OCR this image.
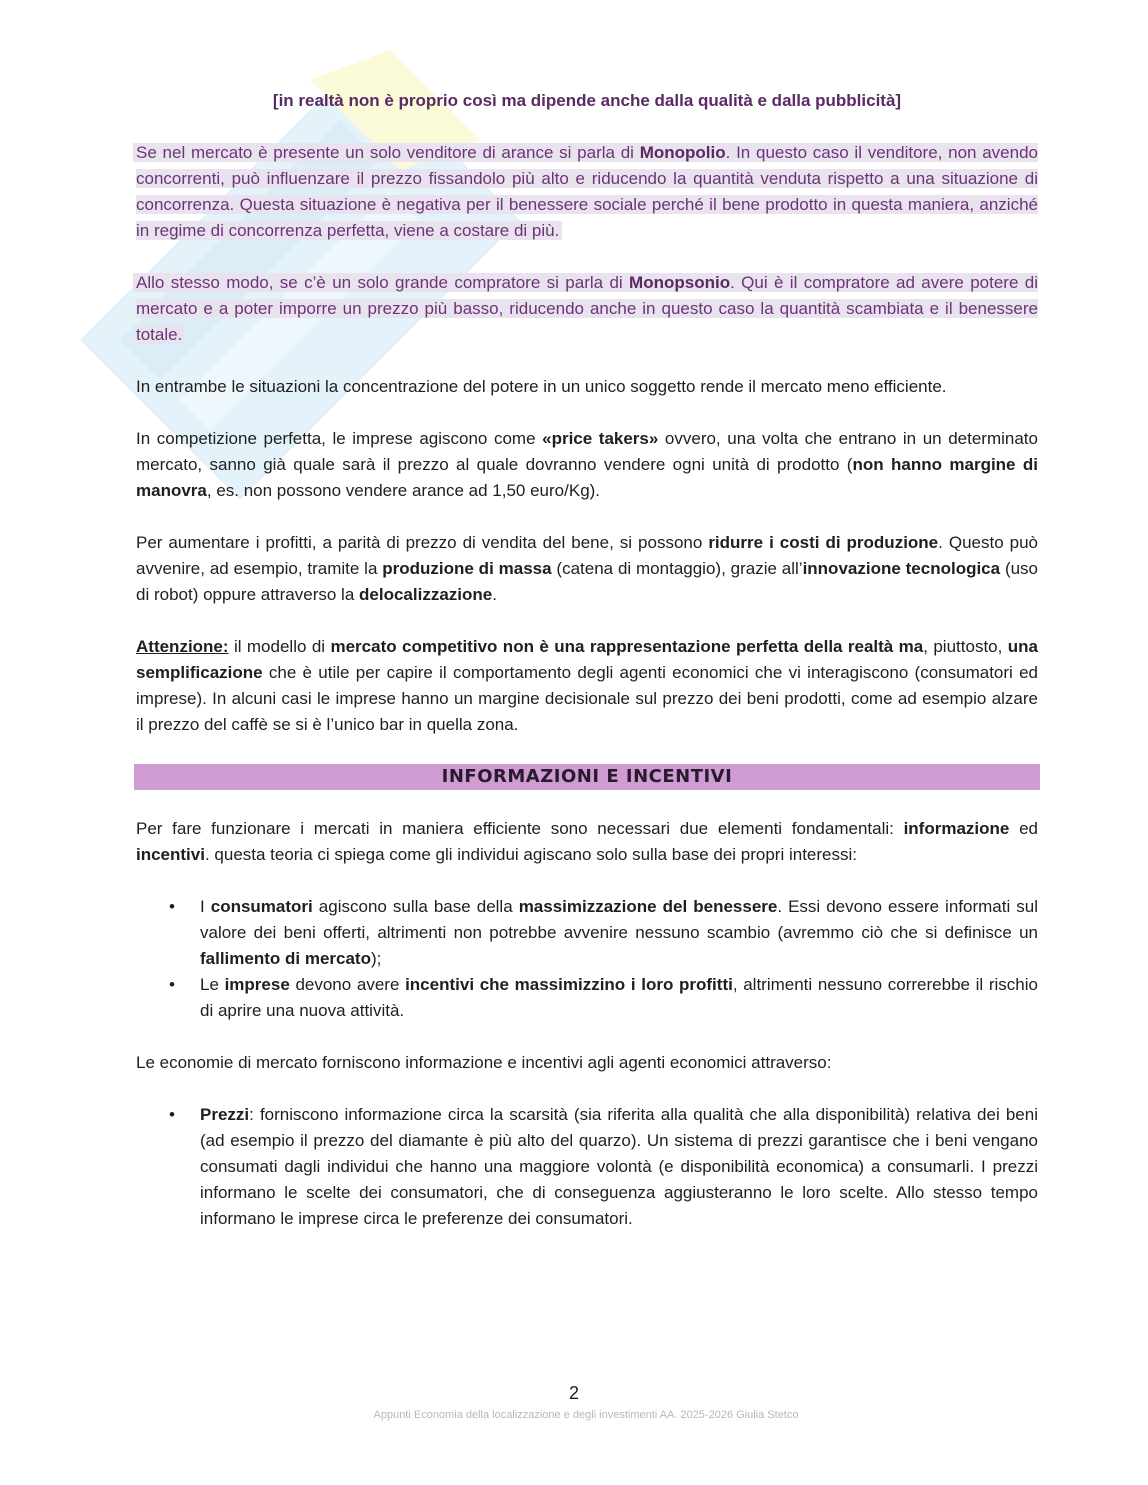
[in realtà non è proprio così ma dipende anche dalla qualità e dalla pubblicità]

Se nel mercato è presente un solo venditore di arance si parla di Monopolio. In questo caso il venditore, non avendo concorrenti, può influenzare il prezzo fissandolo più alto e riducendo la quantità venduta rispetto a una situazione di concorrenza. Questa situazione è negativa per il benessere sociale perché il bene prodotto in questa maniera, anziché in regime di concorrenza perfetta, viene a costare di più.

Allo stesso modo, se c’è un solo grande compratore si parla di Monopsonio. Qui è il compratore ad avere potere di mercato e a poter imporre un prezzo più basso, riducendo anche in questo caso la quantità scambiata e il benessere totale.

In entrambe le situazioni la concentrazione del potere in un unico soggetto rende il mercato meno efficiente.

In competizione perfetta, le imprese agiscono come «price takers» ovvero, una volta che entrano in un determinato mercato, sanno già quale sarà il prezzo al quale dovranno vendere ogni unità di prodotto (non hanno margine di manovra, es. non possono vendere arance ad 1,50 euro/Kg).

Per aumentare i profitti, a parità di prezzo di vendita del bene, si possono ridurre i costi di produzione. Questo può avvenire, ad esempio, tramite la produzione di massa (catena di montaggio), grazie all’innovazione tecnologica (uso di robot) oppure attraverso la delocalizzazione.

Attenzione: il modello di mercato competitivo non è una rappresentazione perfetta della realtà ma, piuttosto, una semplificazione che è utile per capire il comportamento degli agenti economici che vi interagiscono (consumatori ed imprese). In alcuni casi le imprese hanno un margine decisionale sul prezzo dei beni prodotti, come ad esempio alzare il prezzo del caffè se si è l’unico bar in quella zona.

INFORMAZIONI E INCENTIVI

Per fare funzionare i mercati in maniera efficiente sono necessari due elementi fondamentali: informazione ed incentivi. questa teoria ci spiega come gli individui agiscano solo sulla base dei propri interessi:

• I consumatori agiscono sulla base della massimizzazione del benessere. Essi devono essere informati sul valore dei beni offerti, altrimenti non potrebbe avvenire nessuno scambio (avremmo ciò che si definisce un fallimento di mercato);
• Le imprese devono avere incentivi che massimizzino i loro profitti, altrimenti nessuno correrebbe il rischio di aprire una nuova attività.

Le economie di mercato forniscono informazione e incentivi agli agenti economici attraverso:

• Prezzi: forniscono informazione circa la scarsità (sia riferita alla qualità che alla disponibilità) relativa dei beni (ad esempio il prezzo del diamante è più alto del quarzo). Un sistema di prezzi garantisce che i beni vengano consumati dagli individui che hanno una maggiore volontà (e disponibilità economica) a consumarli. I prezzi informano le scelte dei consumatori, che di conseguenza aggiusteranno le loro scelte. Allo stesso tempo informano le imprese circa le preferenze dei consumatori.
2
Appunti Economia della localizzazione e degli investimenti AA. 2025-2026 Giulia Stetco
